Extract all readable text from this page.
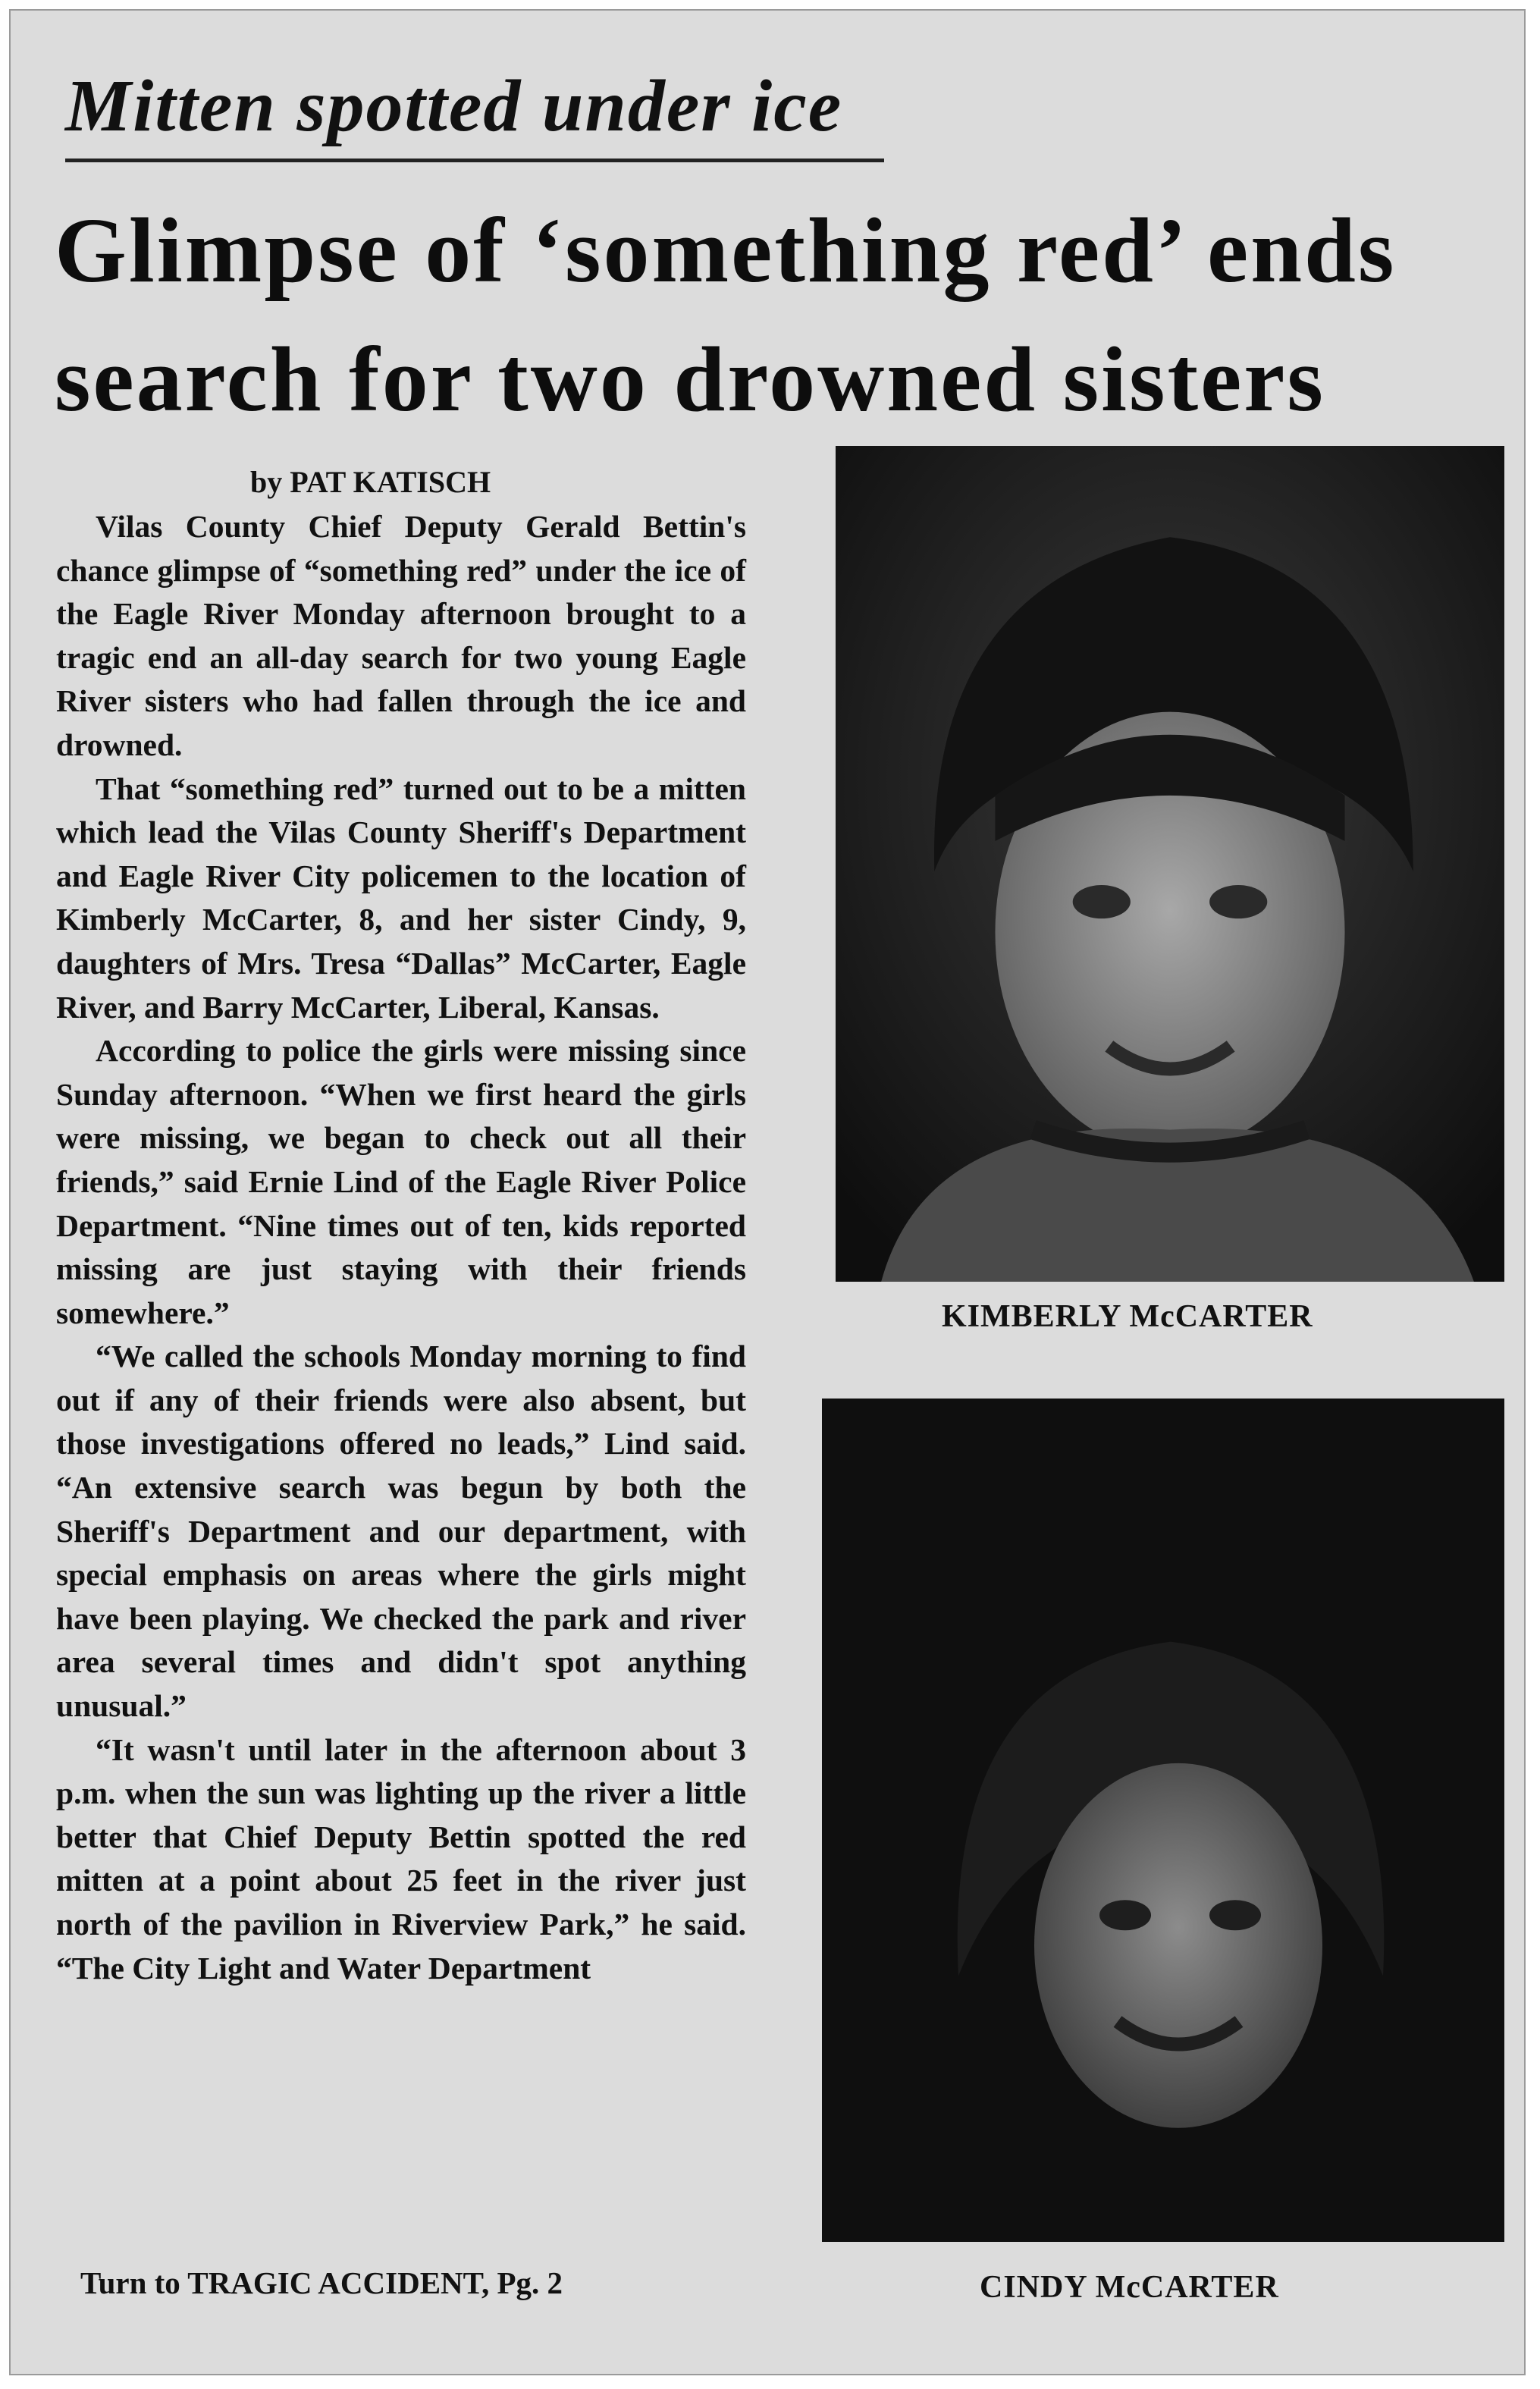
Mitten spotted under ice
Glimpse of ‘something red’ ends
search for two drowned sisters
by PAT KATISCH

Vilas County Chief Deputy Gerald Bettin's chance glimpse of “something red” under the ice of the Eagle River Monday afternoon brought to a tragic end an all-day search for two young Eagle River sisters who had fallen through the ice and drowned.

That “something red” turned out to be a mitten which lead the Vilas County Sheriff's Department and Eagle River City policemen to the location of Kimberly McCarter, 8, and her sister Cindy, 9, daughters of Mrs. Tresa “Dallas” McCarter, Eagle River, and Barry McCarter, Liberal, Kansas.

According to police the girls were missing since Sunday afternoon. “When we first heard the girls were missing, we began to check out all their friends,” said Ernie Lind of the Eagle River Police Department. “Nine times out of ten, kids reported missing are just staying with their friends somewhere.”

“We called the schools Monday morning to find out if any of their friends were also absent, but those investigations offered no leads,” Lind said. “An extensive search was begun by both the Sheriff's Department and our department, with special emphasis on areas where the girls might have been playing. We checked the park and river area several times and didn't spot anything unusual.”

“It wasn't until later in the afternoon about 3 p.m. when the sun was lighting up the river a little better that Chief Deputy Bettin spotted the red mitten at a point about 25 feet in the river just north of the pavilion in Riverview Park,” he said. “The City Light and Water Department

Turn to TRAGIC ACCIDENT, Pg. 2
KIMBERLY McCARTER
CINDY McCARTER
